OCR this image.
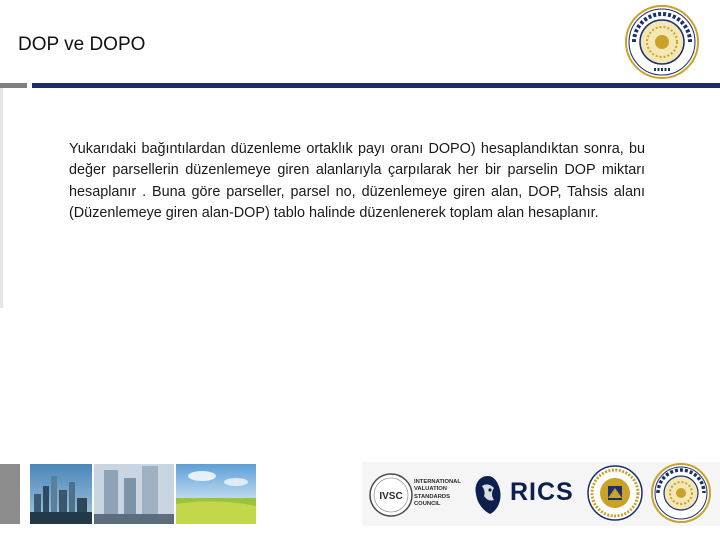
DOP ve DOPO
Yukarıdaki bağıntılardan düzenleme ortaklık payı oranı DOPO) hesaplandıktan sonra, bu değer parsellerin düzenlemeye giren alanlarıyla çarpılarak her bir parselin DOP miktarı hesaplanır . Buna göre parseller, parsel no, düzenlemeye giren alan, DOP, Tahsis alanı (Düzenlemeye giren alan-DOP) tablo halinde düzenlenerek toplam alan hesaplanır.
IVSC
INTERNATIONAL VALUATION STANDARDS COUNCIL	RICS
